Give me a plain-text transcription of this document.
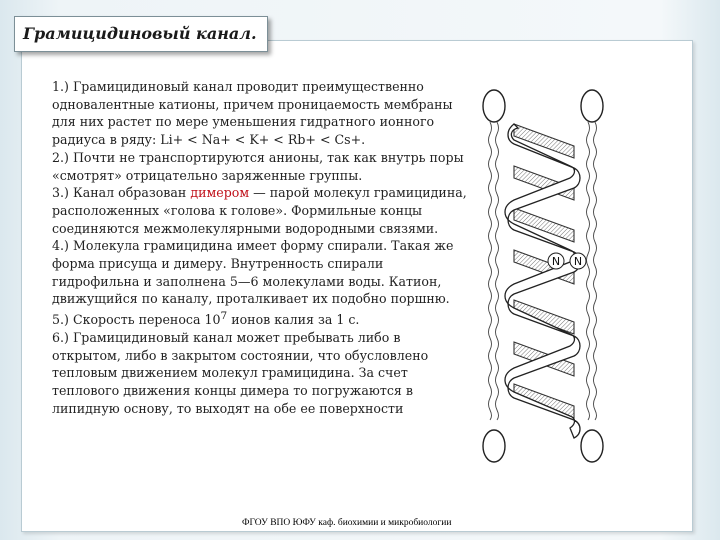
Грамицидиновый канал.

1.) Грамицидиновый канал проводит преимущественно одновалентные катионы, причем проницаемость мембраны для них растет по мере уменьшения гидратного ионного радиуса в ряду: Li+ < Na+ < K+ < Rb+ < Cs+.

2.) Почти не транспортируются анионы, так как внутрь поры «смотрят» отрицательно заряженные группы.

3.) Канал образован димером — парой молекул грамицидина, расположенных «голова к голове». Формильные концы соединяются межмолекулярными водородными связями.

4.) Молекула грамицидина имеет форму спирали. Такая же форма присуща и димеру. Внутренность спирали гидрофильна и заполнена 5—6 молекулами воды. Катион, движущийся по каналу, проталкивает их подобно поршню.

5.) Скорость переноса $10^7$ ионов калия за 1 с.

6.) Грамицидиновый канал может пребывать либо в открытом, либо в закрытом состоянии, что обусловлено тепловым движением молекул грамицидина. За счет теплового движения концы димера то погружаются в липидную основу, то выходят на обе ее поверхности

N N
ФГОУ ВПО ЮФУ каф. биохимии и микробиологии
